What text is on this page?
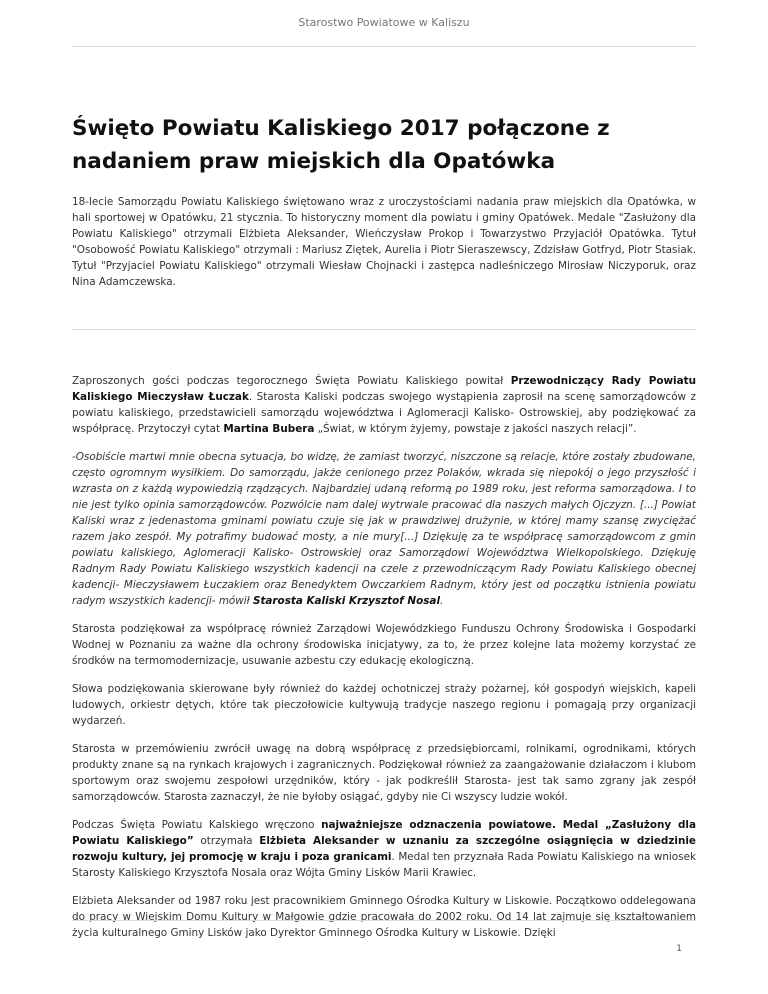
Starostwo Powiatowe w Kaliszu
Święto Powiatu Kaliskiego 2017 połączone z nadaniem praw miejskich dla Opatówka

18-lecie Samorządu Powiatu Kaliskiego świętowano wraz z uroczystościami nadania praw miejskich dla Opatówka, w hali sportowej w Opatówku, 21 stycznia. To historyczny moment dla powiatu i gminy Opatówek. Medale "Zasłużony dla Powiatu Kaliskiego" otrzymali Elżbieta Aleksander, Wieńczysław Prokop i Towarzystwo Przyjaciół Opatówka. Tytuł "Osobowość Powiatu Kaliskiego" otrzymali : Mariusz Ziętek, Aurelia i Piotr Sieraszewscy, Zdzisław Gotfryd, Piotr Stasiak. Tytuł "Przyjaciel Powiatu Kaliskiego" otrzymali Wiesław Chojnacki i zastępca nadleśniczego Mirosław Niczyporuk, oraz Nina Adamczewska.

Zaproszonych gości podczas tegorocznego Święta Powiatu Kaliskiego powitał Przewodniczący Rady Powiatu Kaliskiego Mieczysław Łuczak. Starosta Kaliski podczas swojego wystąpienia zaprosił na scenę samorządowców z powiatu kaliskiego, przedstawicieli samorządu województwa i Aglomeracji Kalisko- Ostrowskiej, aby podziękować za współpracę. Przytoczył cytat Martina Bubera „Świat, w którym żyjemy, powstaje z jakości naszych relacji”.

-Osobiście martwi mnie obecna sytuacja, bo widzę, że zamiast tworzyć, niszczone są relacje, które zostały zbudowane, często ogromnym wysiłkiem. Do samorządu, jakże cenionego przez Polaków, wkrada się niepokój o jego przyszłość i wzrasta on z każdą wypowiedzią rządzących. Najbardziej udaną reformą po 1989 roku, jest reforma samorządowa. I to nie jest tylko opinia samorządowców. Pozwólcie nam dalej wytrwale pracować dla naszych małych Ojczyzn. [...] Powiat Kaliski wraz z jedenastoma gminami powiatu czuje się jak w prawdziwej drużynie, w której mamy szansę zwyciężać razem jako zespół. My potrafimy budować mosty, a nie mury[...] Dziękuję za te współpracę samorządowcom z gmin powiatu kaliskiego, Aglomeracji Kalisko- Ostrowskiej oraz Samorządowi Województwa Wielkopolskiego. Dziękuję Radnym Rady Powiatu Kaliskiego wszystkich kadencji na czele z przewodniczącym Rady Powiatu Kaliskiego obecnej kadencji- Mieczysławem Łuczakiem oraz Benedyktem Owczarkiem Radnym, który jest od początku istnienia powiatu radym wszystkich kadencji- mówił Starosta Kaliski Krzysztof Nosal.

Starosta podziękował za współpracę również Zarządowi Wojewódzkiego Funduszu Ochrony Środowiska i Gospodarki Wodnej w Poznaniu za ważne dla ochrony środowiska inicjatywy, za to, że przez kolejne lata możemy korzystać ze środków na termomodernizacje, usuwanie azbestu czy edukację ekologiczną.

Słowa podziękowania skierowane były również do każdej ochotniczej straży pożarnej, kół gospodyń wiejskich, kapeli ludowych, orkiestr dętych, które tak pieczołowicie kultywują tradycje naszego regionu i pomagają przy organizacji wydarzeń.

Starosta w przemówieniu zwrócił uwagę na dobrą współpracę z przedsiębiorcami, rolnikami, ogrodnikami, których produkty znane są na rynkach krajowych i zagranicznych. Podziękował również za zaangażowanie działaczom i klubom sportowym oraz swojemu zespołowi urzędników, który - jak podkreślił Starosta- jest tak samo zgrany jak zespół samorządowców. Starosta zaznaczył, że nie byłoby osiągać, gdyby nie Ci wszyscy ludzie wokół.

Podczas Święta Powiatu Kalskiego wręczono najważniejsze odznaczenia powiatowe. Medal „Zasłużony dla Powiatu Kaliskiego” otrzymała Elżbieta Aleksander w uznaniu za szczególne osiągnięcia w dziedzinie rozwoju kultury, jej promocję w kraju i poza granicami. Medal ten przyznała Rada Powiatu Kaliskiego na wniosek Starosty Kaliskiego Krzysztofa Nosala oraz Wójta Gminy Lisków Marii Krawiec.

Elżbieta Aleksander od 1987 roku jest pracownikiem Gminnego Ośrodka Kultury w Liskowie. Początkowo oddelegowana do pracy w Wiejskim Domu Kultury w Małgowie gdzie pracowała do 2002 roku. Od 14 lat zajmuje się kształtowaniem życia kulturalnego Gminy Lisków jako Dyrektor Gminnego Ośrodka Kultury w Liskowie. Dzięki

1
